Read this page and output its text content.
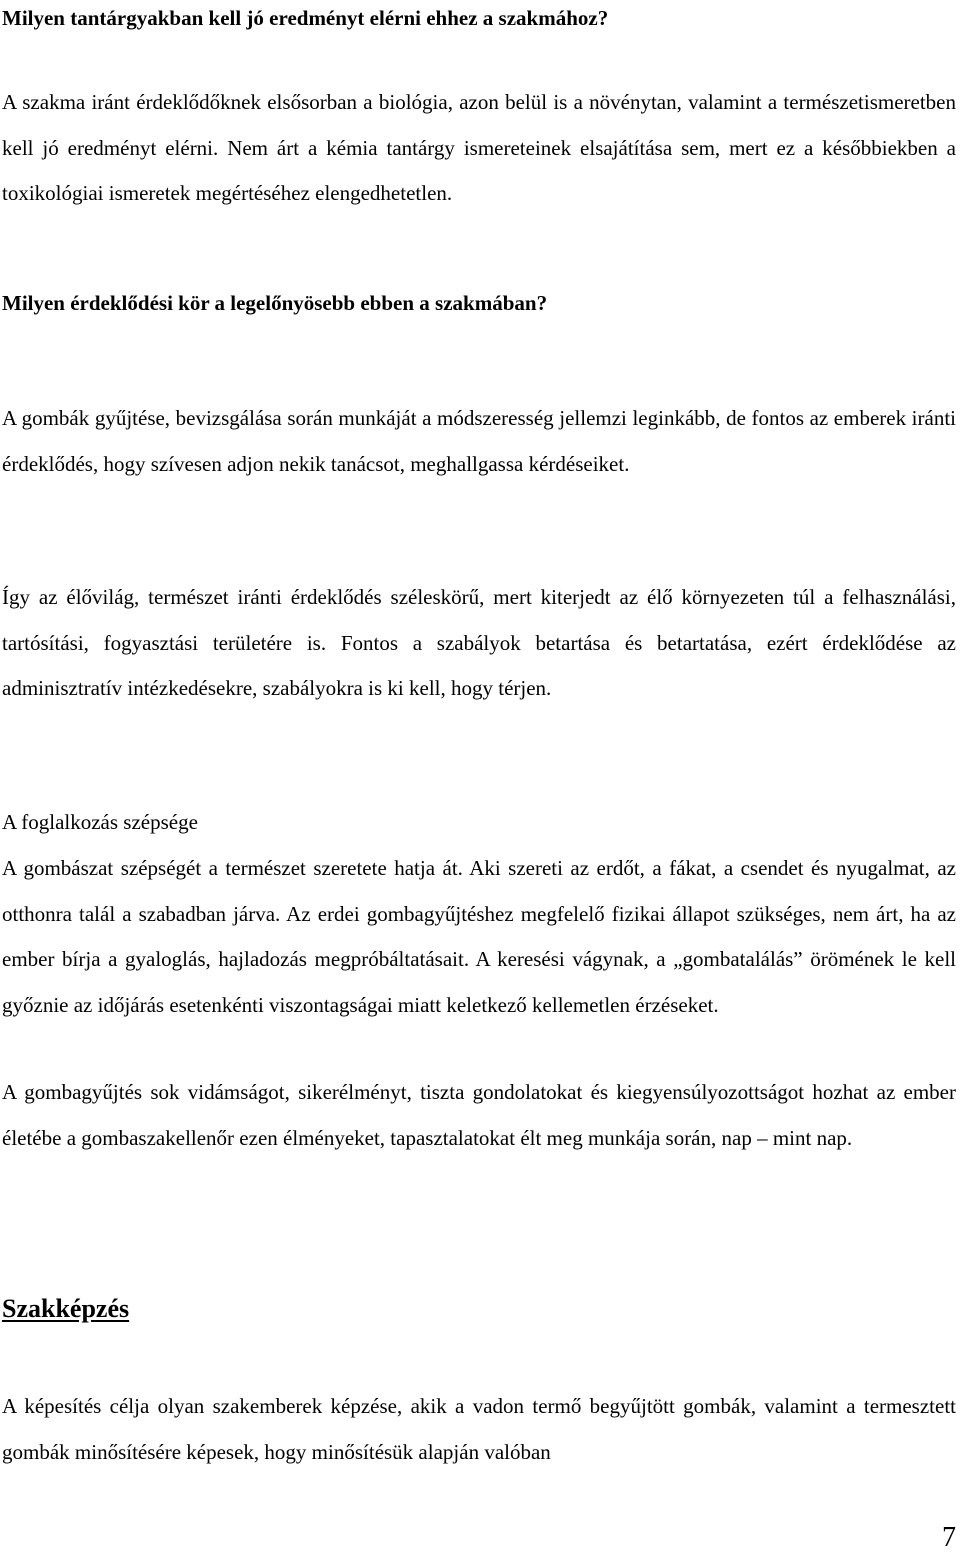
Milyen tantárgyakban kell jó eredményt elérni ehhez a szakmához?

A szakma iránt érdeklődőknek elsősorban a biológia, azon belül is a növénytan, valamint a természetismeretben kell jó eredményt elérni. Nem árt a kémia tantárgy ismereteinek elsajátítása sem, mert ez a későbbiekben a toxikológiai ismeretek megértéséhez elengedhetetlen.

Milyen érdeklődési kör a legelőnyösebb ebben a szakmában?

A gombák gyűjtése, bevizsgálása során munkáját a módszeresség jellemzi leginkább, de fontos az emberek iránti érdeklődés, hogy szívesen adjon nekik tanácsot, meghallgassa kérdéseiket.

Így az élővilág, természet iránti érdeklődés széleskörű, mert kiterjedt az élő környezeten túl a felhasználási, tartósítási, fogyasztási területére is. Fontos a szabályok betartása és betartatása, ezért érdeklődése az adminisztratív intézkedésekre, szabályokra is ki kell, hogy térjen.

A foglalkozás szépsége

A gombászat szépségét a természet szeretete hatja át. Aki szereti az erdőt, a fákat, a csendet és nyugalmat, az otthonra talál a szabadban járva. Az erdei gombagyűjtéshez megfelelő fizikai állapot szükséges, nem árt, ha az ember bírja a gyaloglás, hajladozás megpróbáltatásait. A keresési vágynak, a „gombatalálás” örömének le kell győznie az időjárás esetenkénti viszontagságai miatt keletkező kellemetlen érzéseket.

A gombagyűjtés sok vidámságot, sikerélményt, tiszta gondolatokat és kiegyensúlyozottságot hozhat az ember életébe a gombaszakellenőr ezen élményeket, tapasztalatokat élt meg munkája során, nap – mint nap.

Szakképzés

A képesítés célja olyan szakemberek képzése, akik a vadon termő begyűjtött gombák, valamint a termesztett gombák minősítésére képesek, hogy minősítésük alapján valóban

7
